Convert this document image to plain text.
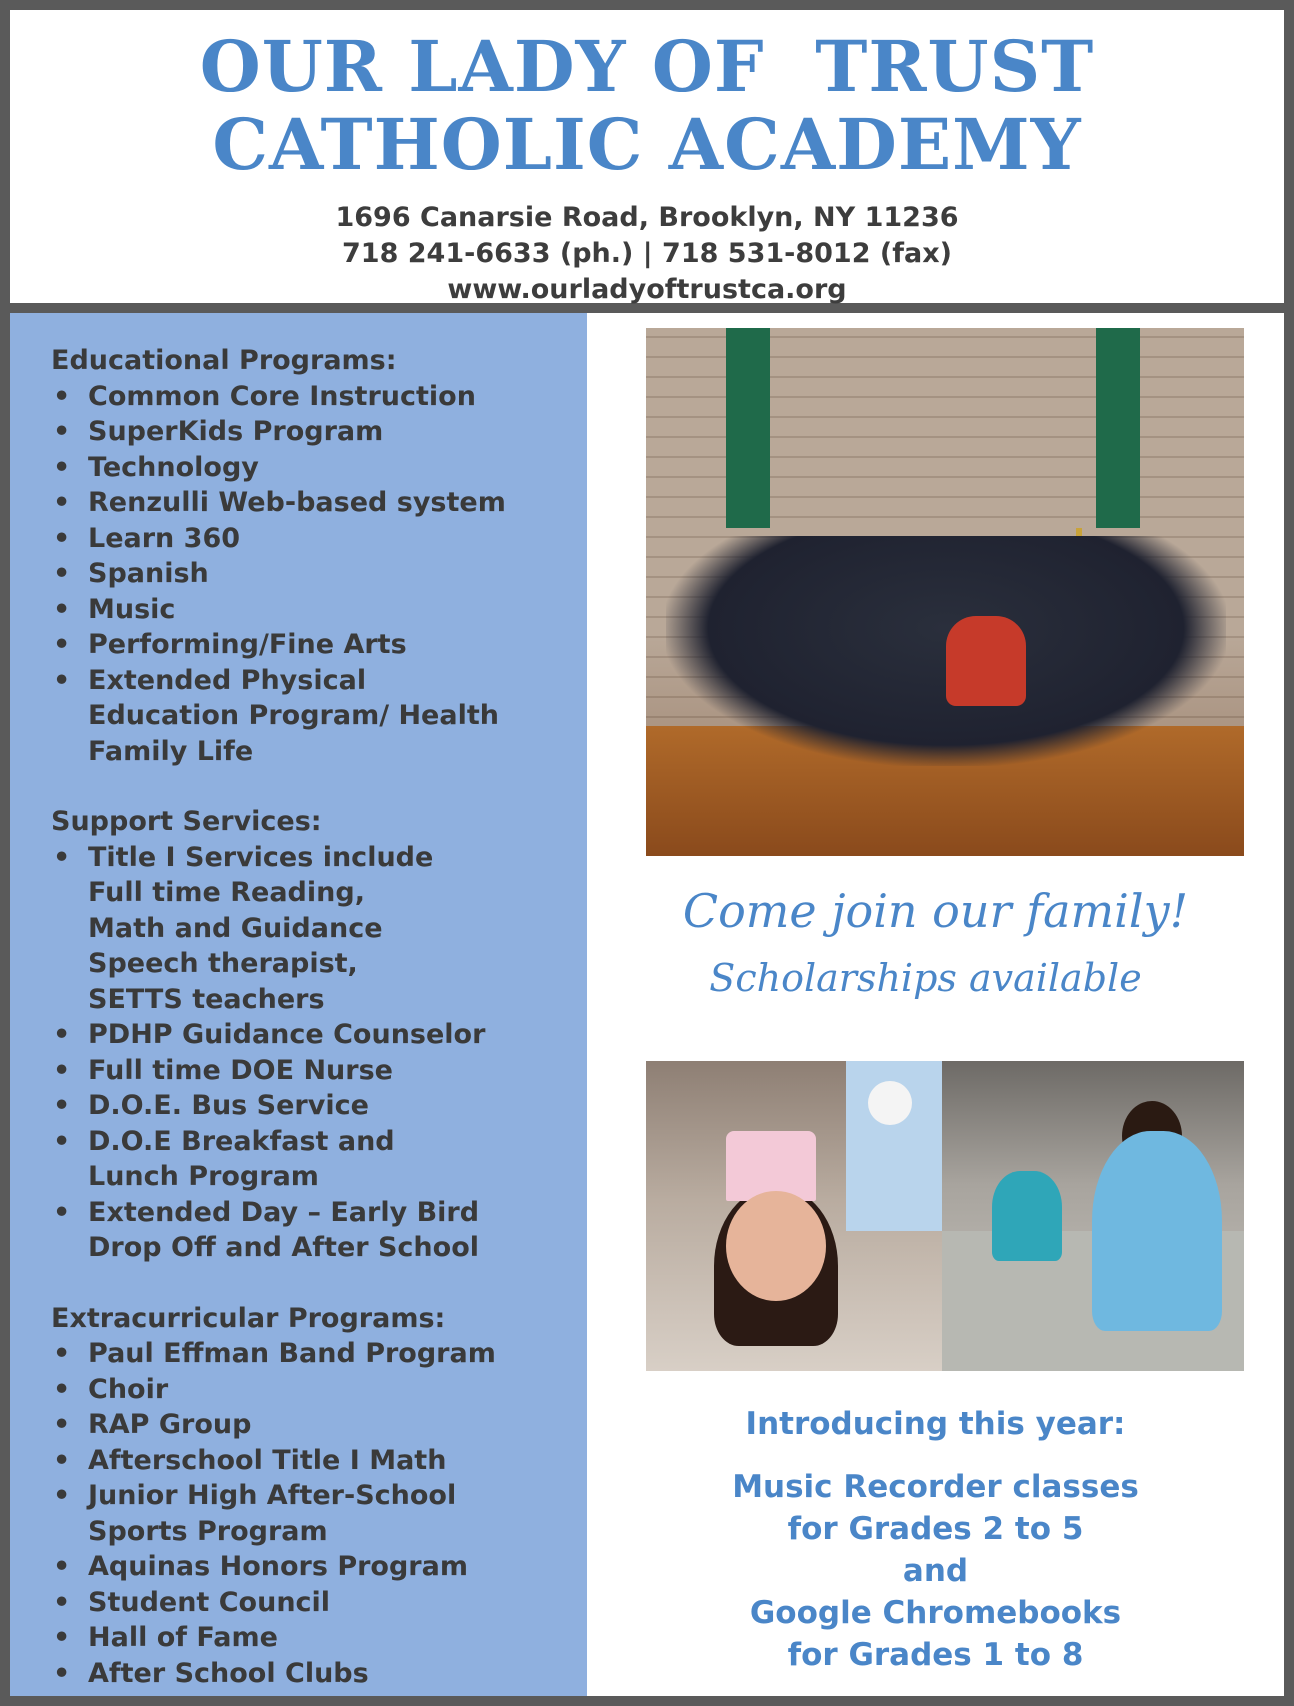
OUR LADY OF  TRUST
CATHOLIC ACADEMY
1696 Canarsie Road, Brooklyn, NY 11236
718 241-6633 (ph.) | 718 531-8012 (fax)
www.ourladyoftrustca.org

Educational Programs:

• Common Core Instruction
• SuperKids Program
• Technology
• Renzulli Web-based system
• Learn 360
• Spanish
• Music
• Performing/Fine Arts
• Extended Physical
Education Program/ Health
Family Life

Support Services:

• Title I Services include
Full time Reading,
Math and Guidance
Speech therapist,
SETTS teachers
• PDHP Guidance Counselor
• Full time DOE Nurse
• D.O.E. Bus Service
• D.O.E Breakfast and
Lunch Program
• Extended Day – Early Bird
Drop Off and After School

Extracurricular Programs:

• Paul Effman Band Program
• Choir
• RAP Group
• Afterschool Title I Math
• Junior High After-School
Sports Program
• Aquinas Honors Program
• Student Council
• Hall of Fame
• After School Clubs
Come join our family!
Scholarships available
Introducing this year:
Music Recorder classes
for Grades 2 to 5
and
Google Chromebooks
for Grades 1 to 8
